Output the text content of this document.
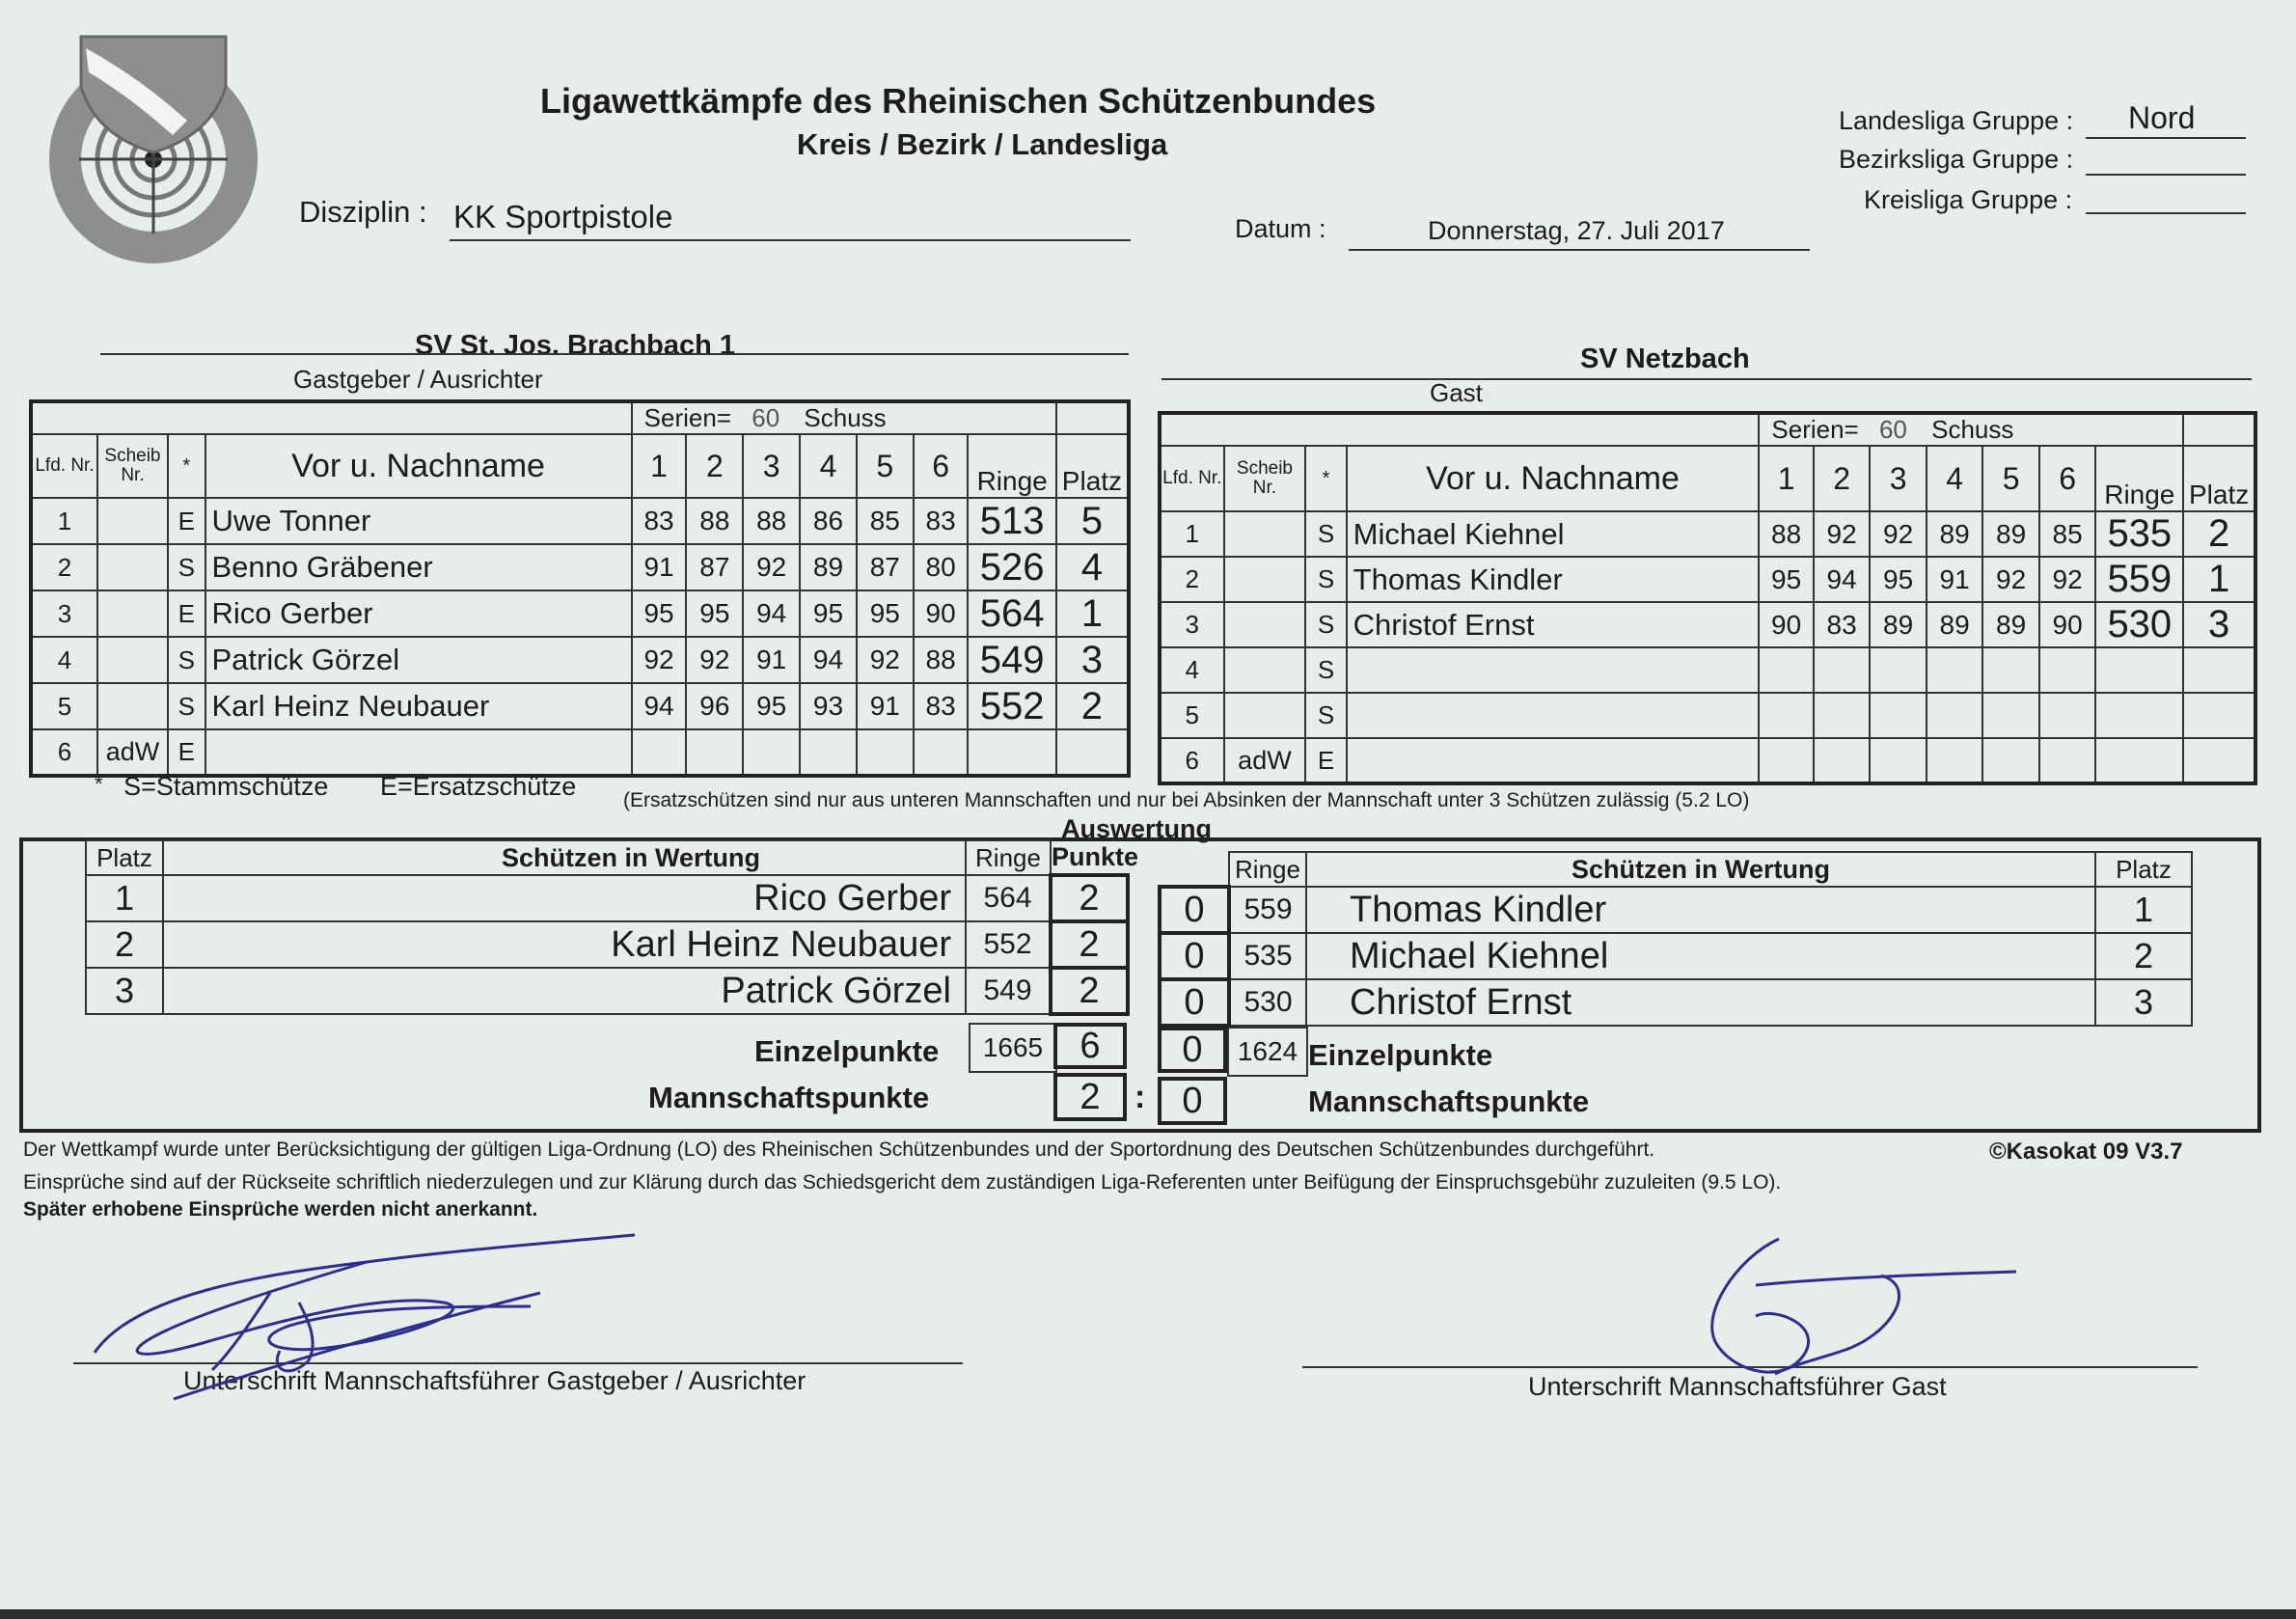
Ligawettkämpfe des Rheinischen Schützenbundes
Kreis / Bezirk / Landesliga
Disziplin : KK Sportpistole	Datum :	Donnerstag, 27. Juli 2017
Landesliga Gruppe : Nord
Bezirksliga Gruppe :
Kreisliga Gruppe :
SV St. Jos. Brachbach 1
Gastgeber / Ausrichter
SV Netzbach
Gast
				Serien= 60 Schuss							
Lfd. Nr.	Scheib Nr.	*	Vor u. Nachname	1	2	3	4	5	6	Ringe	Platz
1		E	Uwe Tonner	83	88	88	86	85	83	513	5
2		S	Benno Gräbener	91	87	92	89	87	80	526	4
3		E	Rico Gerber	95	95	94	95	95	90	564	1
4		S	Patrick Görzel	92	92	91	94	92	88	549	3
5		S	Karl Heinz Neubauer	94	96	95	93	91	83	552	2
6	adW	E									
				Serien= 60 Schuss							
Lfd. Nr.	Scheib Nr.	*	Vor u. Nachname	1	2	3	4	5	6	Ringe	Platz
1		S	Michael Kiehnel	88	92	92	89	89	85	535	2
2		S	Thomas Kindler	95	94	95	91	92	92	559	1
3		S	Christof Ernst	90	83	89	89	89	90	530	3
4		S									
5		S									
6	adW	E									
* S=Stammschütze E=Ersatzschütze (Ersatzschützen sind nur aus unteren Mannschaften und nur bei Absinken der Mannschaft unter 3 Schützen zulässig (5.2 LO)
Auswertung
Platz	Schützen in Wertung	Ringe	Punkte
1	Rico Gerber	564	2
2	Karl Heinz Neubauer	552	2
3	Patrick Görzel	549	2
	Ringe	Schützen in Wertung	Platz
0	559	Thomas Kindler	1
0	535	Michael Kiehnel	2
0	530	Christof Ernst	3
Einzelpunkte	1665	6	0	1624 Einzelpunkte
Mannschaftspunkte	2	:	0	Mannschaftspunkte
Der Wettkampf wurde unter Berücksichtigung der gültigen Liga-Ordnung (LO) des Rheinischen Schützenbundes und der Sportordnung des Deutschen Schützenbundes durchgeführt.	©Kasokat 09 V3.7
Einsprüche sind auf der Rückseite schriftlich niederzulegen und zur Klärung durch das Schiedsgericht dem zuständigen Liga-Referenten unter Beifügung der Einspruchsgebühr zuzuleiten (9.5 LO).
Später erhobene Einsprüche werden nicht anerkannt.
Unterschrift Mannschaftsführer Gastgeber / Ausrichter	Unterschrift Mannschaftsführer Gast
